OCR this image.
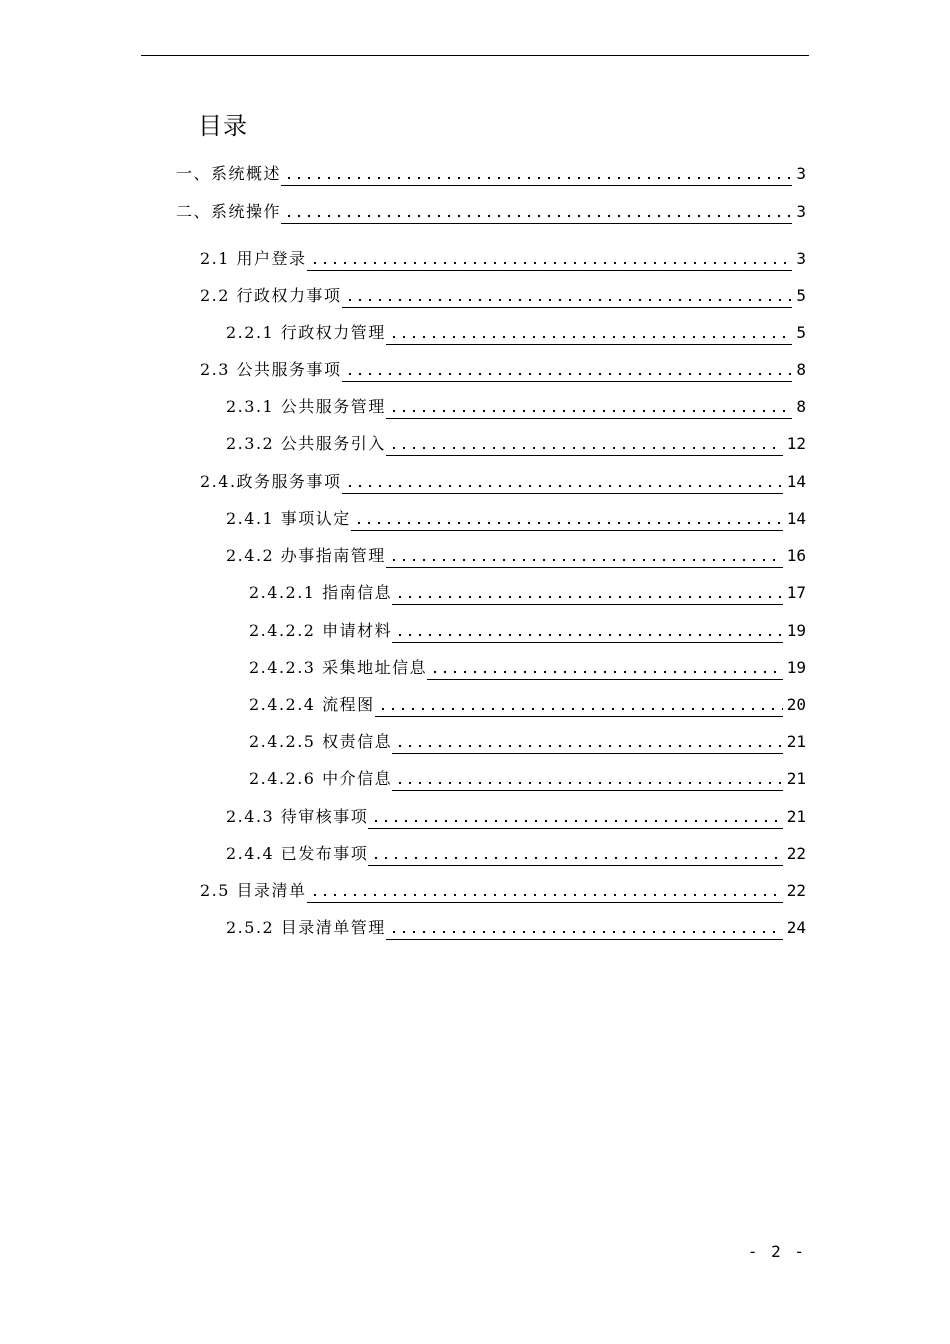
目录
一、系统概述	3
二、系统操作	3
2.1 用户登录	3
2.2 行政权力事项	5
2.2.1 行政权力管理	5
2.3 公共服务事项	8
2.3.1 公共服务管理	8
2.3.2 公共服务引入	12
2.4.政务服务事项	14
2.4.1 事项认定	14
2.4.2 办事指南管理	16
2.4.2.1 指南信息	17
2.4.2.2 申请材料	19
2.4.2.3 采集地址信息	19
2.4.2.4 流程图	20
2.4.2.5 权责信息	21
2.4.2.6 中介信息	21
2.4.3 待审核事项	21
2.4.4 已发布事项	22
2.5 目录清单	22
2.5.2 目录清单管理	24
- 2 -
